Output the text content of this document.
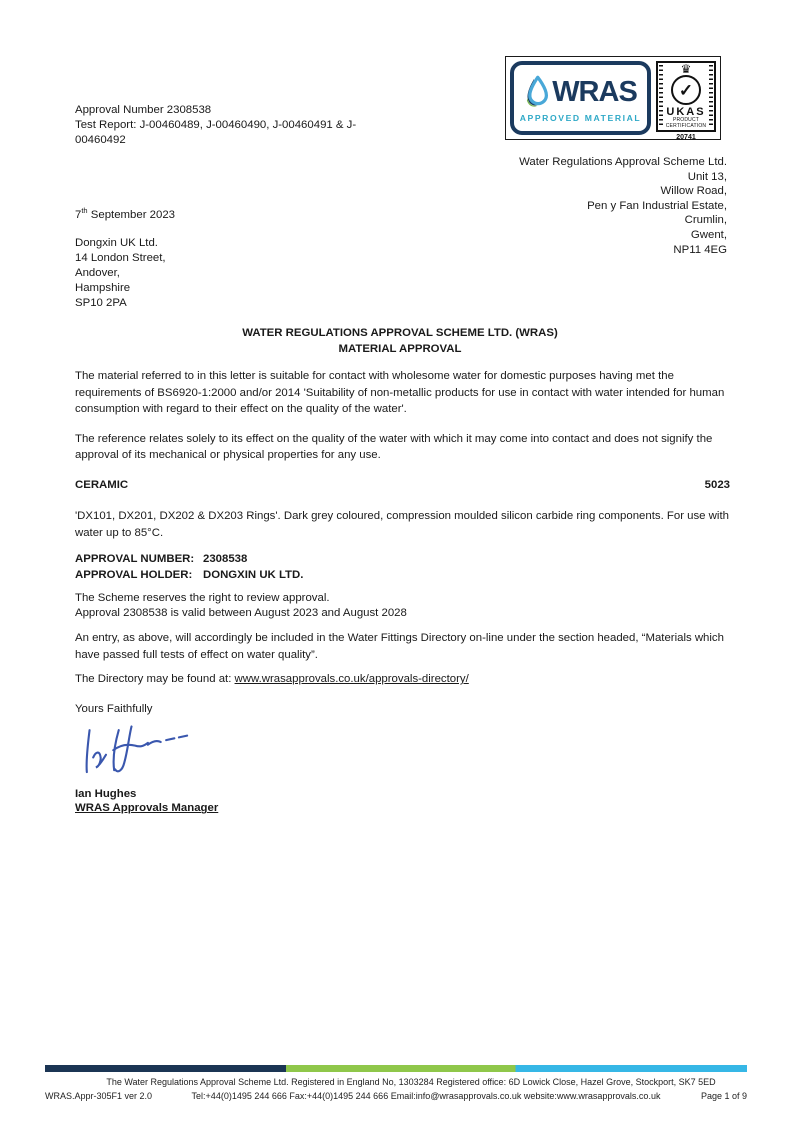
Approval Number 2308538
Test Report: J-00460489, J-00460490, J-00460491 & J-
00460492
WRAS
APPROVED MATERIAL
♛
✓
UKAS
PRODUCT
CERTIFICATION
20741
Water Regulations Approval Scheme Ltd.
Unit 13,
Willow Road,
Pen y Fan Industrial Estate,
Crumlin,
Gwent,
NP11 4EG
7th September 2023
Dongxin UK Ltd.
14 London Street,
Andover,
Hampshire
SP10 2PA
WATER REGULATIONS APPROVAL SCHEME LTD. (WRAS)
MATERIAL APPROVAL

The material referred to in this letter is suitable for contact with wholesome water for domestic purposes having met the requirements of BS6920-1:2000 and/or 2014 'Suitability of non-metallic products for use in contact with water intended for human consumption with regard to their effect on the quality of the water'.

The reference relates solely to its effect on the quality of the water with which it may come into contact and does not signify the approval of its mechanical or physical properties for any use.

CERAMIC	5023

'DX101, DX201, DX202 & DX203 Rings'. Dark grey coloured, compression moulded silicon carbide ring components. For use with water up to 85°C.

APPROVAL NUMBER: 2308538
APPROVAL HOLDER: DONGXIN UK LTD.
The Scheme reserves the right to review approval.
Approval 2308538 is valid between August 2023 and August 2028

An entry, as above, will accordingly be included in the Water Fittings Directory on-line under the section headed, “Materials which have passed full tests of effect on water quality”.

The Directory may be found at: www.wrasapprovals.co.uk/approvals-directory/

Yours Faithfully

Ian Hughes
WRAS Approvals Manager
The Water Regulations Approval Scheme Ltd. Registered in England No, 1303284 Registered office: 6D Lowick Close, Hazel Grove, Stockport, SK7 5ED
WRAS.Appr-305F1 ver 2.0	Tel:+44(0)1495 244 666 Fax:+44(0)1495 244 666 Email:info@wrasapprovals.co.uk website:www.wrasapprovals.co.uk	Page 1 of 9
